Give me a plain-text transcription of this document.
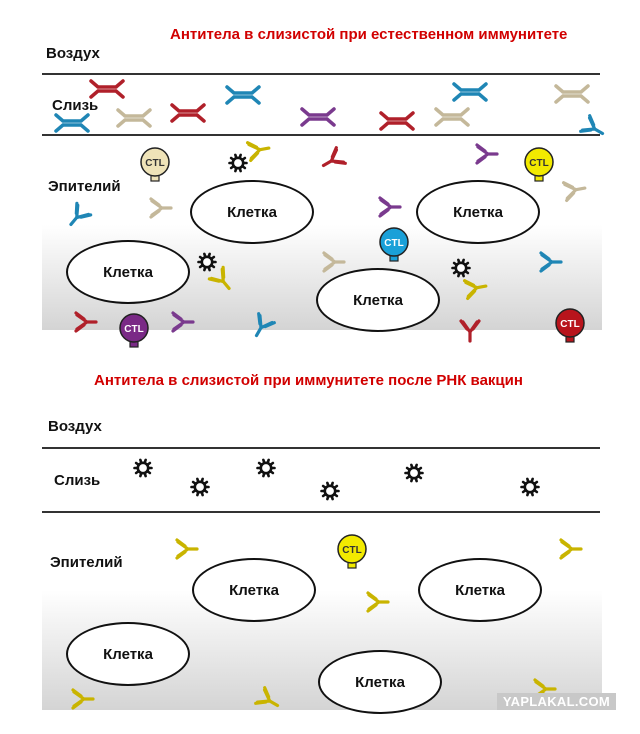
Антитела в слизистой при естественном иммунитете
CTL	CTL
CTL
CTL	CTL
Воздух
Слизь
Эпителий
Клетка	Клетка
Клетка
Клетка
Антитела в слизистой при иммунитете после РНК вакцин
CTL
Воздух
Слизь
Эпителий
Клетка	Клетка
Клетка
Клетка
YAPLAKAL.COM
